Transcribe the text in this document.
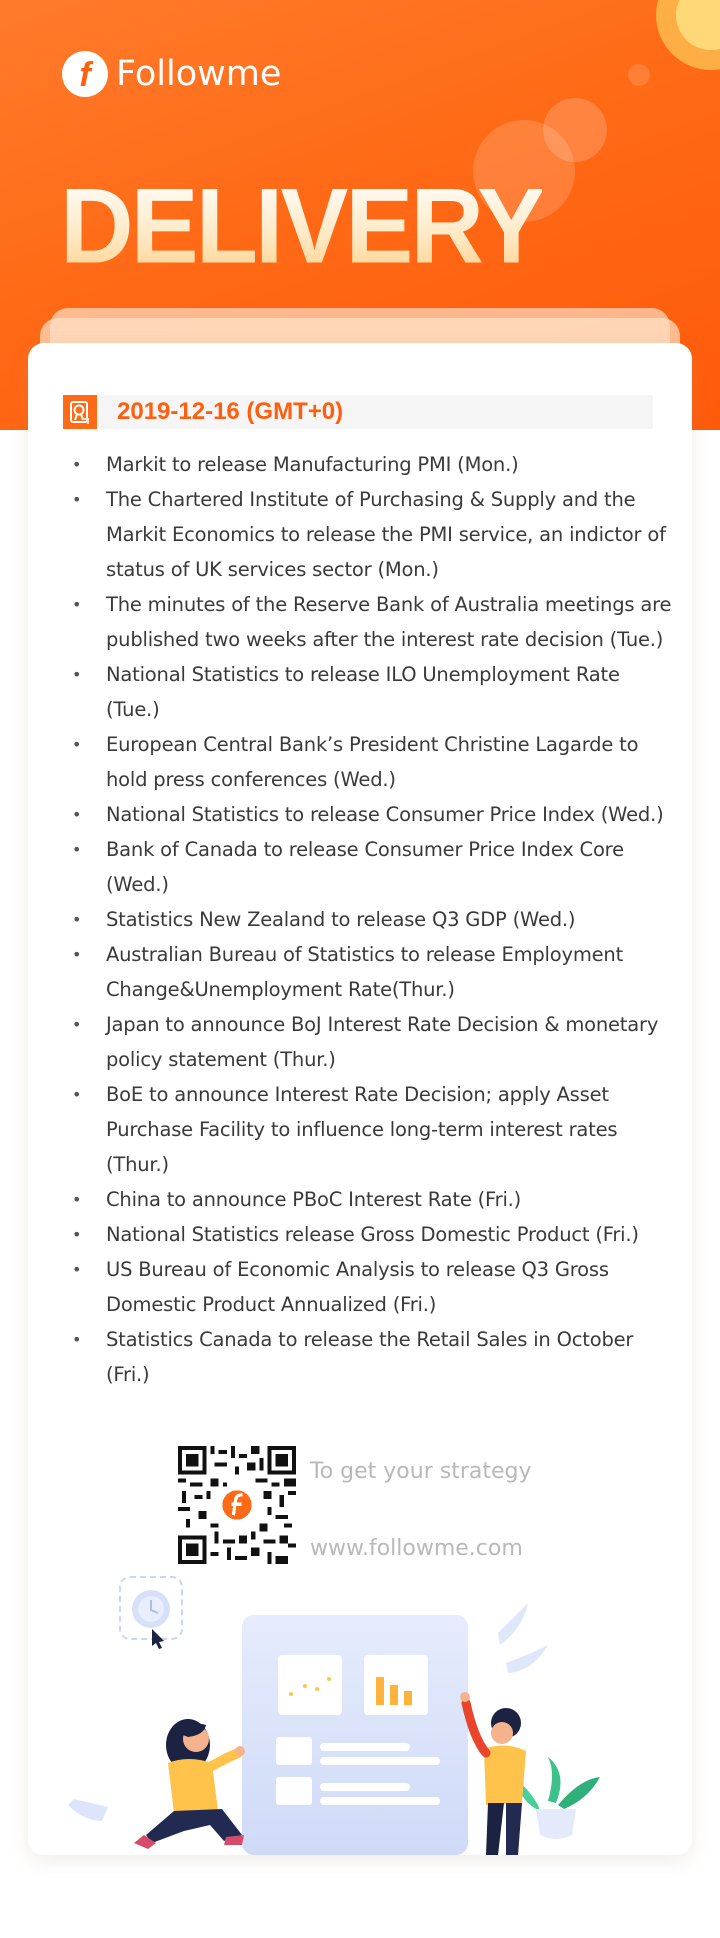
f Followme
DELIVERY
2019-12-16 (GMT+0)
• Markit to release Manufacturing PMI (Mon.)
• The Chartered Institute of Purchasing & Supply and the Markit Economics to release the PMI service, an indictor of status of UK services sector (Mon.)
• The minutes of the Reserve Bank of Australia meetings are published two weeks after the interest rate decision (Tue.)
• National Statistics to release ILO Unemployment Rate (Tue.)
• European Central Bank’s President Christine Lagarde to hold press conferences (Wed.)
• National Statistics to release Consumer Price Index (Wed.)
• Bank of Canada to release Consumer Price Index Core (Wed.)
• Statistics New Zealand to release Q3 GDP (Wed.)
• Australian Bureau of Statistics to release Employment Change&Unemployment Rate(Thur.)
• Japan to announce BoJ Interest Rate Decision & monetary policy statement (Thur.)
• BoE to announce Interest Rate Decision; apply Asset Purchase Facility to influence long-term interest rates (Thur.)
• China to announce PBoC Interest Rate (Fri.)
• National Statistics release Gross Domestic Product (Fri.)
• US Bureau of Economic Analysis to release Q3 Gross Domestic Product Annualized (Fri.)
• Statistics Canada to release the Retail Sales in October (Fri.)
To get your strategy
www.followme.com
